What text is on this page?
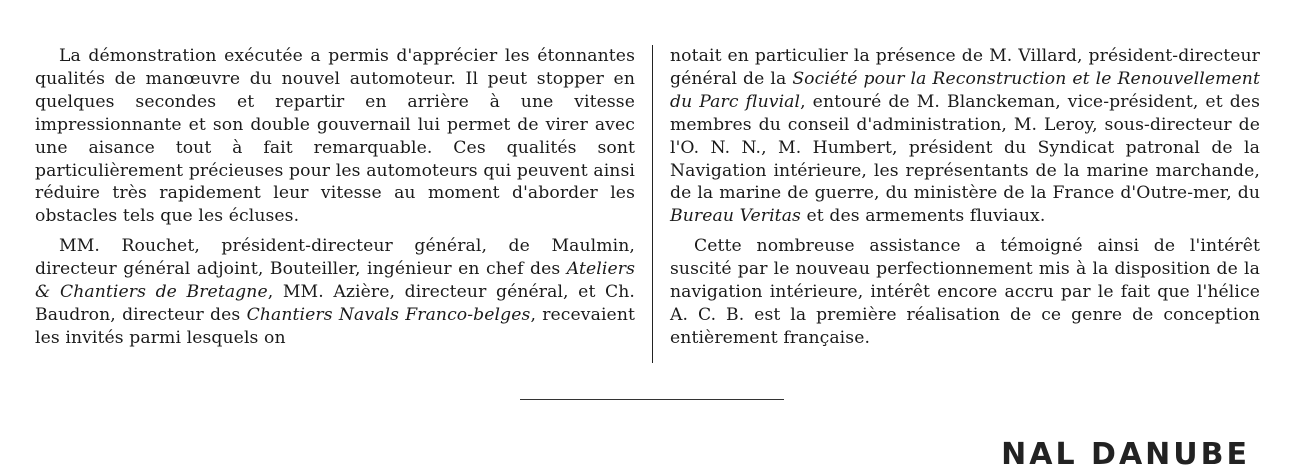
La démonstration exécutée a permis d'apprécier les étonnantes qualités de manœuvre du nouvel automoteur. Il peut stopper en quelques secondes et repartir en arrière à une vitesse impressionnante et son double gouvernail lui permet de virer avec une aisance tout à fait remarquable. Ces qualités sont particulièrement précieuses pour les automoteurs qui peuvent ainsi réduire très rapidement leur vitesse au moment d'aborder les obstacles tels que les écluses.

MM. Rouchet, président-directeur général, de Maulmin, directeur général adjoint, Bouteiller, ingénieur en chef des Ateliers & Chantiers de Bretagne, MM. Azière, directeur général, et Ch. Baudron, directeur des Chantiers Navals Franco-belges, recevaient les invités parmi lesquels on

notait en particulier la présence de M. Villard, président-directeur général de la Société pour la Reconstruction et le Renouvellement du Parc fluvial, entouré de M. Blanckeman, vice-président, et des membres du conseil d'administration, M. Leroy, sous-directeur de l'O. N. N., M. Humbert, président du Syndicat patronal de la Navigation intérieure, les représentants de la marine marchande, de la marine de guerre, du ministère de la France d'Outre-mer, du Bureau Veritas et des armements fluviaux.

Cette nombreuse assistance a témoigné ainsi de l'intérêt suscité par le nouveau perfectionnement mis à la disposition de la navigation intérieure, intérêt encore accru par le fait que l'hélice A. C. B. est la première réalisation de ce genre de conception entièrement française.

NAL DANUBE
